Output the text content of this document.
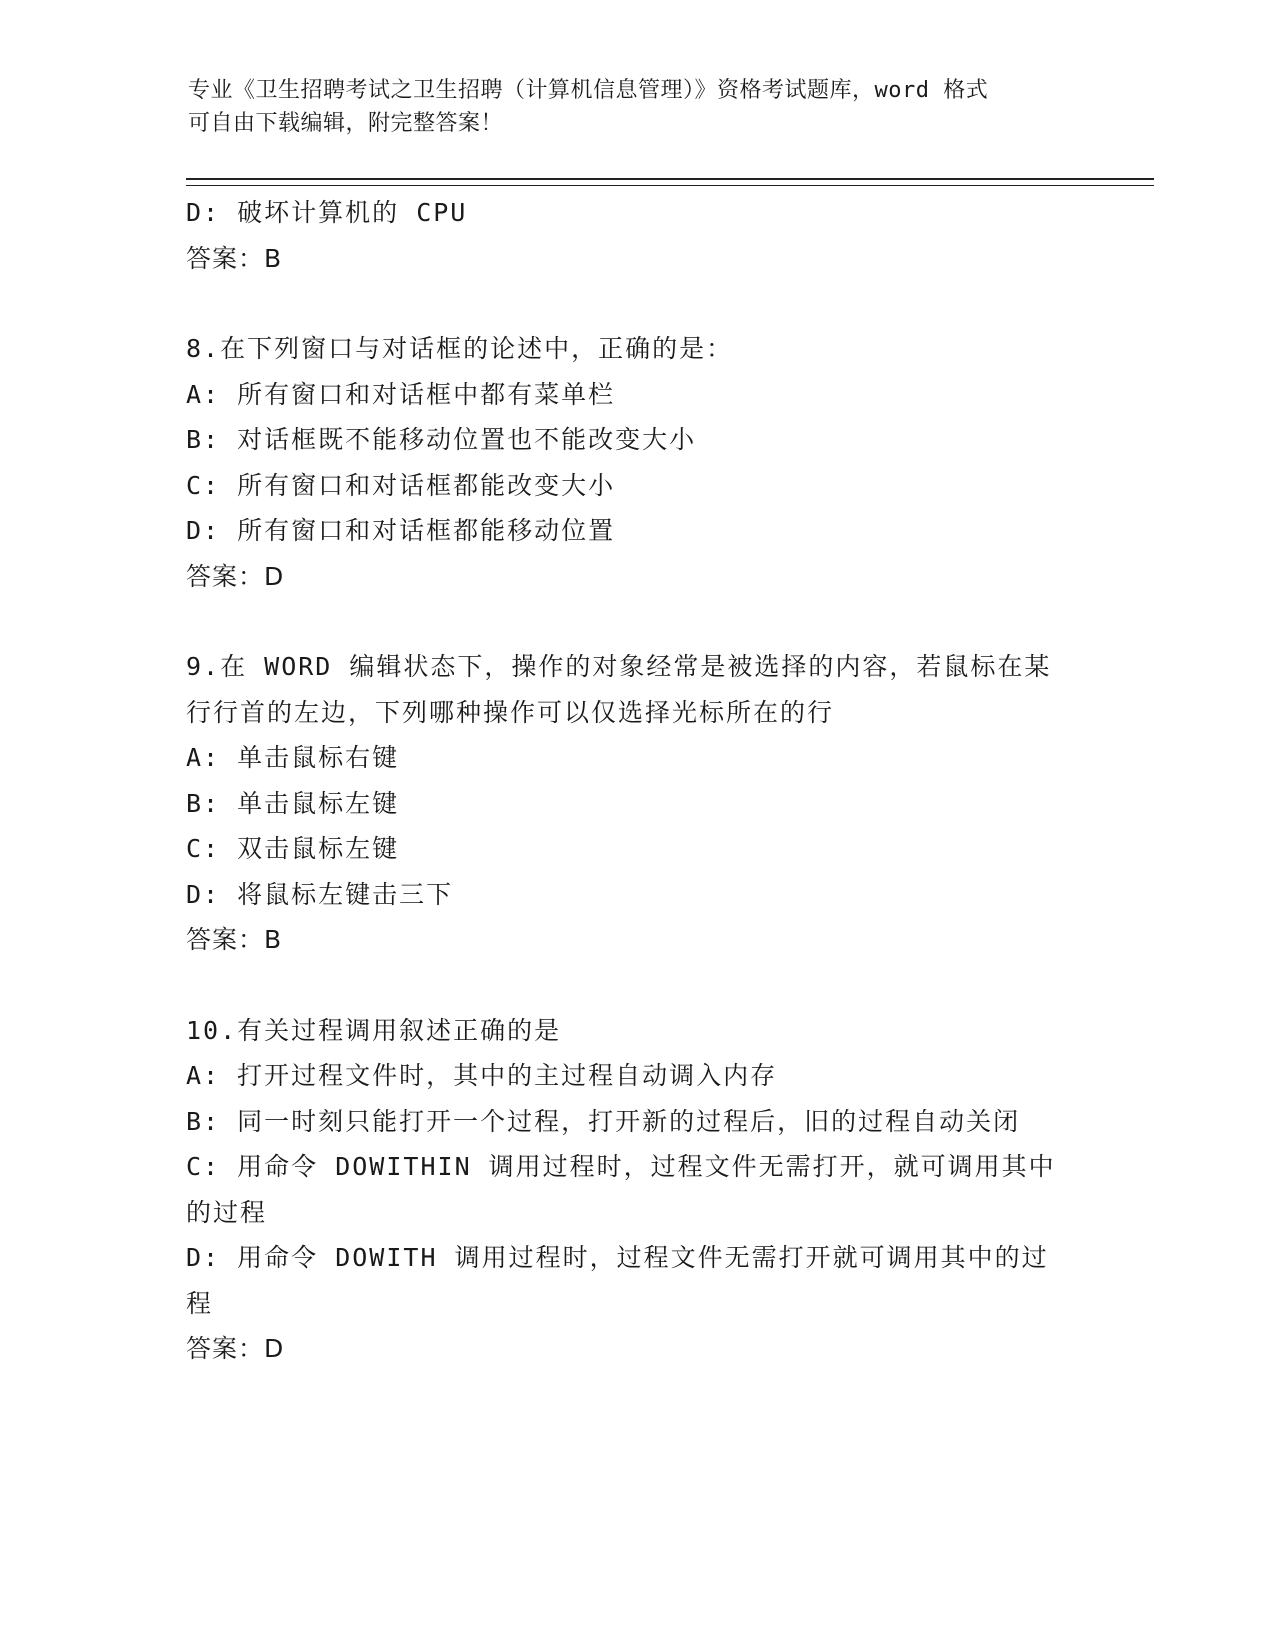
专业《卫生招聘考试之卫生招聘（计算机信息管理）》资格考试题库，word 格式
可自由下载编辑，附完整答案！
D: 破坏计算机的 CPU
答案：B
8.在下列窗口与对话框的论述中，正确的是：
A: 所有窗口和对话框中都有菜单栏
B: 对话框既不能移动位置也不能改变大小
C: 所有窗口和对话框都能改变大小
D: 所有窗口和对话框都能移动位置
答案：D
9.在 WORD 编辑状态下，操作的对象经常是被选择的内容，若鼠标在某
行行首的左边，下列哪种操作可以仅选择光标所在的行
A: 单击鼠标右键
B: 单击鼠标左键
C: 双击鼠标左键
D: 将鼠标左键击三下
答案：B
10.有关过程调用叙述正确的是
A: 打开过程文件时，其中的主过程自动调入内存
B: 同一时刻只能打开一个过程，打开新的过程后，旧的过程自动关闭
C: 用命令 DOWITHIN 调用过程时，过程文件无需打开，就可调用其中
的过程
D: 用命令 DOWITH 调用过程时，过程文件无需打开就可调用其中的过
程
答案：D
